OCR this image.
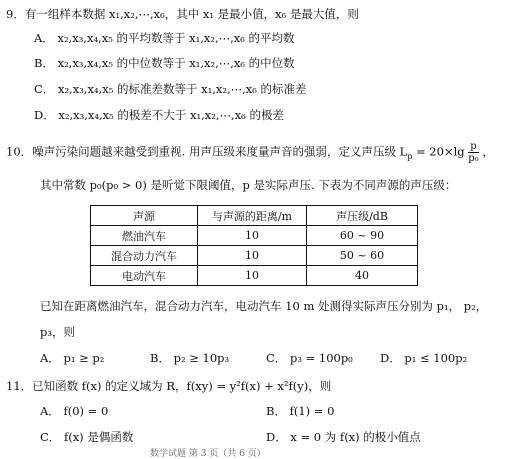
9．有一组样本数据 x₁,x₂,⋯,x₆，其中 x₁ 是最小值，x₆ 是最大值，则
A． x₂,x₃,x₄,x₅ 的平均数等于 x₁,x₂,⋯,x₆ 的平均数
B． x₂,x₃,x₄,x₅ 的中位数等于 x₁,x₂,⋯,x₆ 的中位数
C． x₂,x₃,x₄,x₅ 的标准差数等于 x₁,x₂,⋯,x₆ 的标准差
D． x₂,x₃,x₄,x₅ 的极差不大于 x₁,x₂,⋯,x₆ 的极差
10．噪声污染问题越来越受到重视. 用声压级来度量声音的强弱，定义声压级 $L_p = 20\times\lg \frac{p}{\text{p₀}}$ ，
其中常数 p₀(p₀ > 0) 是听觉下限阈值，p 是实际声压. 下表为不同声源的声压级：
声源	与声源的距离/m	声压级/dB
燃油汽车	10	60 ~ 90
混合动力汽车	10	50 ~ 60
电动汽车	10	40
已知在距离燃油汽车，混合动力汽车，电动汽车 10 m 处测得实际声压分别为 p₁， p₂，
p₃，则
A． p₁ ≥ p₂	B． p₂ ≥ 10p₃	C． p₃ = 100p₀ D． p₁ ≤ 100p₂
11．已知函数 f(x) 的定义域为 R，f(xy) = y²f(x) + x²f(y)，则
A． f(0) = 0	B． f(1) = 0
C． f(x) 是偶函数	D． x = 0 为 f(x) 的极小值点
数学试题 第 3 页（共 6 页）
